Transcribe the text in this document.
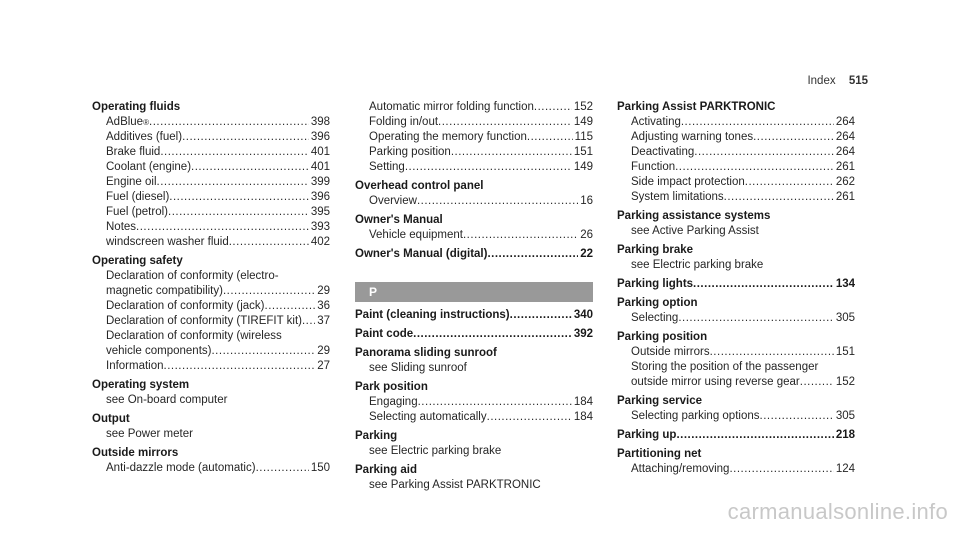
Index 515
Operating fluids
AdBlue ® .....	398
Additives (fuel) .....	396
Brake fluid .....	401
Coolant (engine) .....	401
Engine oil .....	399
Fuel (diesel) .....	396
Fuel (petrol) .....	395
Notes .....	393
windscreen washer fluid .....	402
Operating safety
Declaration of conformity (electro-
magnetic compatibility) .....	29
Declaration of conformity (jack) .....	36
Declaration of conformity (TIREFIT kit) ..... 37
Declaration of conformity (wireless
vehicle components) .....	29
Information .....	27
Operating system
see On-board computer
Output
see Power meter
Outside mirrors
Anti-dazzle mode (automatic) .....	150
Automatic mirror folding function .....	152
Folding in/out .....	149
Operating the memory function .....	115
Parking position .....	151
Setting .....	149
Overhead control panel
Overview .....	16
Owner's Manual
Vehicle equipment .....	26
Owner's Manual (digital) .....	22
P
Paint (cleaning instructions) .....	340
Paint code .....	392
Panorama sliding sunroof
see Sliding sunroof
Park position
Engaging .....	184
Selecting automatically .....	184
Parking
see Electric parking brake
Parking aid
see Parking Assist PARKTRONIC
Parking Assist PARKTRONIC
Activating .....	264
Adjusting warning tones .....	264
Deactivating .....	264
Function .....	261
Side impact protection .....	262
System limitations .....	261
Parking assistance systems
see Active Parking Assist
Parking brake
see Electric parking brake
Parking lights .....	134
Parking option
Selecting .....	305
Parking position
Outside mirrors .....	151
Storing the position of the passenger
outside mirror using reverse gear .....	152
Parking service
Selecting parking options .....	305
Parking up .....	218
Partitioning net
Attaching/removing .....	124
carmanualsonline.info
